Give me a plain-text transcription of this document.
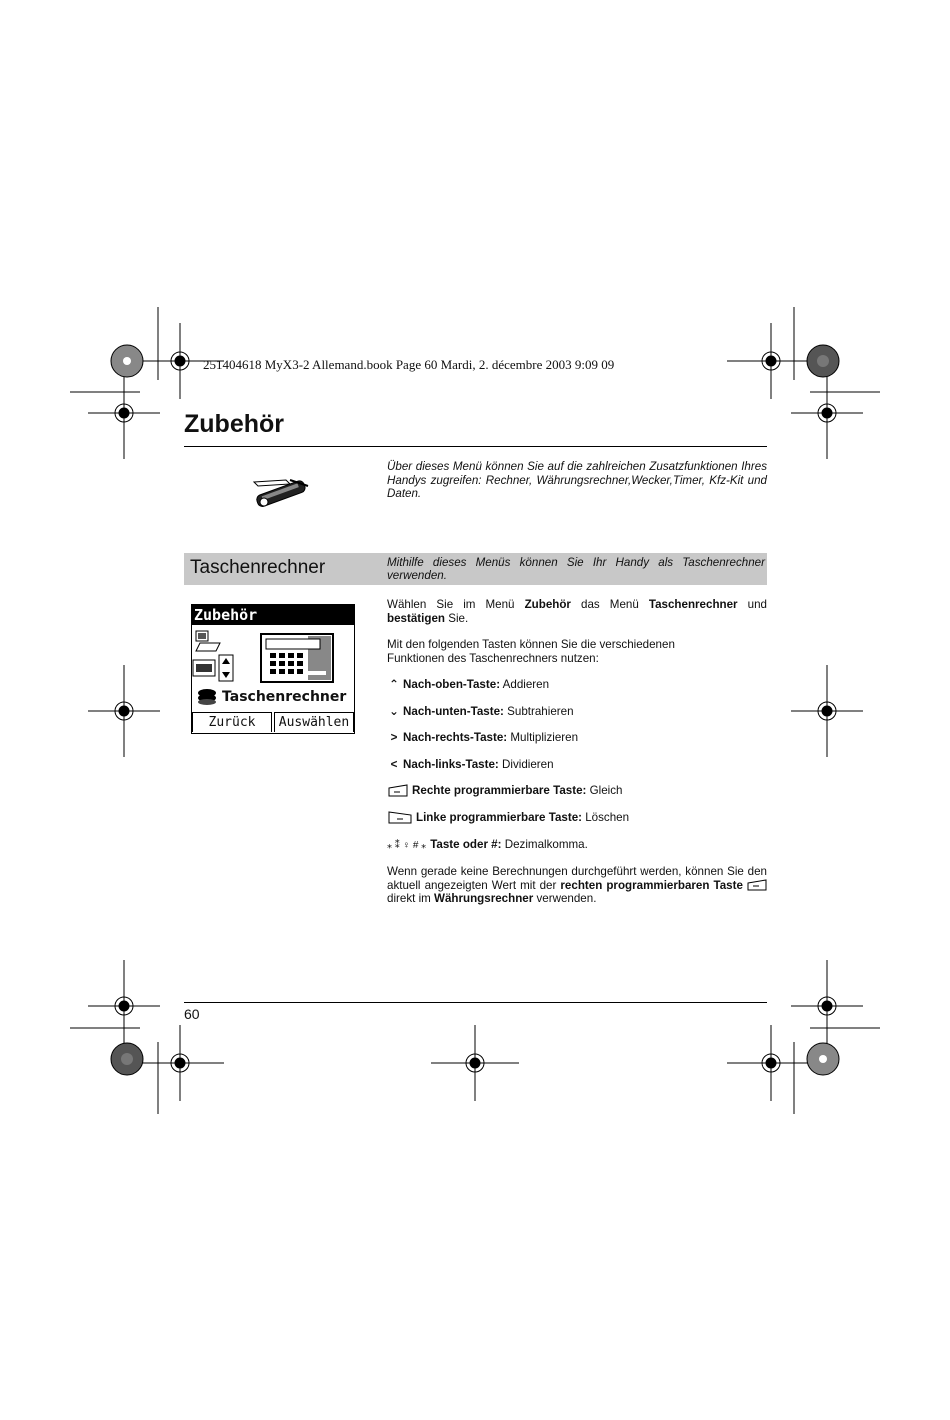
251404618 MyX3-2 Allemand.book Page 60 Mardi, 2. décembre 2003 9:09 09
Zubehör
Über dieses Menü können Sie auf die zahlreichen Zusatzfunktionen Ihres Handys zugreifen: Rechner, Währungsrechner,Wecker,Timer, Kfz-Kit und Daten.
Taschenrechner	Mithilfe dieses Menüs können Sie Ihr Handy als Taschenrechner verwenden.
Zubehör
Taschenrechner
Zurück	Auswählen
Wählen Sie im Menü Zubehör das Menü Taschenrechner und bestätigen Sie.
Mit den folgenden Tasten können Sie die verschiedenen
Funktionen des Taschenrechners nutzen:
⌃ Nach-oben-Taste: Addieren
⌄ Nach-unten-Taste: Subtrahieren
> Nach-rechts-Taste: Multiplizieren
< Nach-links-Taste: Dividieren
Rechte programmierbare Taste: Gleich
Linke programmierbare Taste: Löschen
⁎ ⁑ ♀ # ⁎ Taste oder #: Dezimalkomma.
Wenn gerade keine Berechnungen durchgeführt werden, können Sie den aktuell angezeigten Wert mit der rechten programmierbaren Taste  direkt im Währungsrechner verwenden.
60
